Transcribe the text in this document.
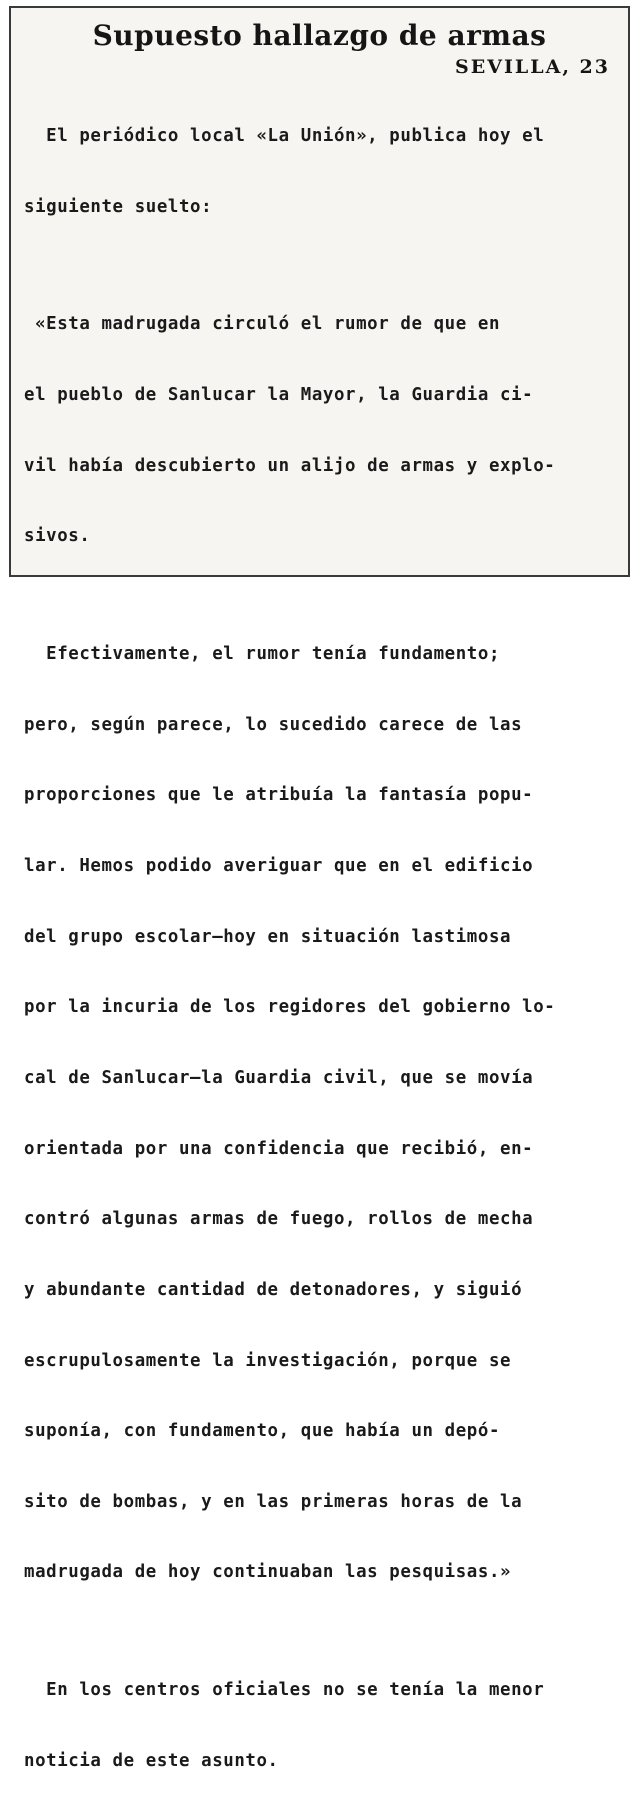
Supuesto hallazgo de armas

SEVILLA, 23

El periódico local «La Unión», publica hoy el

siguiente suelto:

«Esta madrugada circuló el rumor de que en

el pueblo de Sanlucar la Mayor, la Guardia ci-

vil había descubierto un alijo de armas y explo-

sivos.

Efectivamente, el rumor tenía fundamento;

pero, según parece, lo sucedido carece de las

proporciones que le atribuía la fantasía popu-

lar. Hemos podido averiguar que en el edificio

del grupo escolar—hoy en situación lastimosa

por la incuria de los regidores del gobierno lo-

cal de Sanlucar—la Guardia civil, que se movía

orientada por una confidencia que recibió, en-

contró algunas armas de fuego, rollos de mecha

y abundante cantidad de detonadores, y siguió

escrupulosamente la investigación, porque se

suponía, con fundamento, que había un depó-

sito de bombas, y en las primeras horas de la

madrugada de hoy continuaban las pesquisas.»

En los centros oficiales no se tenía la menor

noticia de este asunto.
